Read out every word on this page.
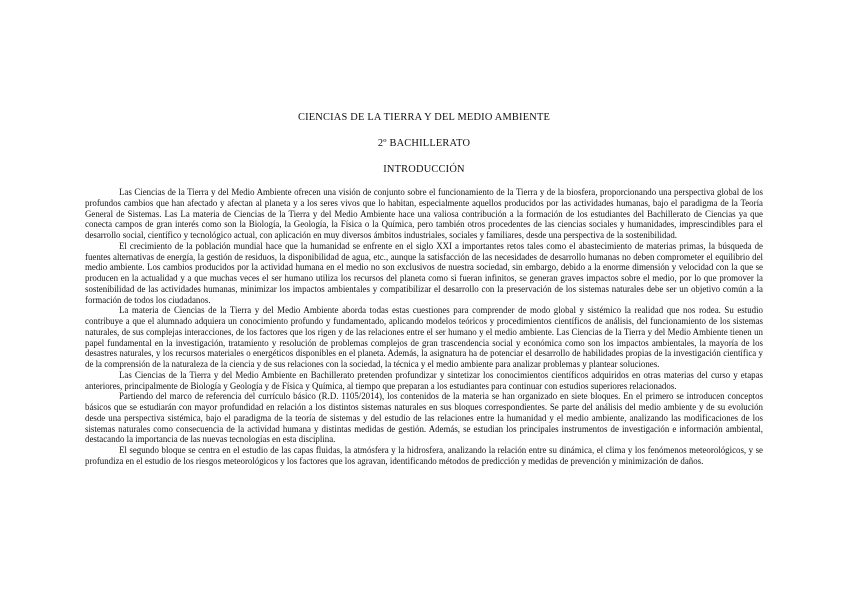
CIENCIAS DE LA TIERRA Y DEL MEDIO AMBIENTE

2º BACHILLERATO

INTRODUCCIÓN

Las Ciencias de la Tierra y del Medio Ambiente ofrecen una visión de conjunto sobre el funcionamiento de la Tierra y de la biosfera, proporcionando una perspectiva global de los profundos cambios que han afectado y afectan al planeta y a los seres vivos que lo habitan, especialmente aquellos producidos por las actividades humanas, bajo el paradigma de la Teoría General de Sistemas. Las La materia de Ciencias de la Tierra y del Medio Ambiente hace una valiosa contribución a la formación de los estudiantes del Bachillerato de Ciencias ya que conecta campos de gran interés como son la Biología, la Geología, la Física o la Química, pero también otros procedentes de las ciencias sociales y humanidades, imprescindibles para el desarrollo social, científico y tecnológico actual, con aplicación en muy diversos ámbitos industriales, sociales y familiares, desde una perspectiva de la sostenibilidad.

El crecimiento de la población mundial hace que la humanidad se enfrente en el siglo XXI a importantes retos tales como el abastecimiento de materias primas, la búsqueda de fuentes alternativas de energía, la gestión de residuos, la disponibilidad de agua, etc., aunque la satisfacción de las necesidades de desarrollo humanas no deben comprometer el equilibrio del medio ambiente. Los cambios producidos por la actividad humana en el medio no son exclusivos de nuestra sociedad, sin embargo, debido a la enorme dimensión y velocidad con la que se producen en la actualidad y a que muchas veces el ser humano utiliza los recursos del planeta como si fueran infinitos, se generan graves impactos sobre el medio, por lo que promover la sostenibilidad de las actividades humanas, minimizar los impactos ambientales y compatibilizar el desarrollo con la preservación de los sistemas naturales debe ser un objetivo común a la formación de todos los ciudadanos.

La materia de Ciencias de la Tierra y del Medio Ambiente aborda todas estas cuestiones para comprender de modo global y sistémico la realidad que nos rodea. Su estudio contribuye a que el alumnado adquiera un conocimiento profundo y fundamentado, aplicando modelos teóricos y procedimientos científicos de análisis, del funcionamiento de los sistemas naturales, de sus complejas interacciones, de los factores que los rigen y de las relaciones entre el ser humano y el medio ambiente. Las Ciencias de la Tierra y del Medio Ambiente tienen un papel fundamental en la investigación, tratamiento y resolución de problemas complejos de gran trascendencia social y económica como son los impactos ambientales, la mayoría de los desastres naturales, y los recursos materiales o energéticos disponibles en el planeta. Además, la asignatura ha de potenciar el desarrollo de habilidades propias de la investigación científica y de la comprensión de la naturaleza de la ciencia y de sus relaciones con la sociedad, la técnica y el medio ambiente para analizar problemas y plantear soluciones.

Las Ciencias de la Tierra y del Medio Ambiente en Bachillerato pretenden profundizar y sintetizar los conocimientos científicos adquiridos en otras materias del curso y etapas anteriores, principalmente de Biología y Geología y de Física y Química, al tiempo que preparan a los estudiantes para continuar con estudios superiores relacionados.

Partiendo del marco de referencia del currículo básico (R.D. 1105/2014), los contenidos de la materia se han organizado en siete bloques. En el primero se introducen conceptos básicos que se estudiarán con mayor profundidad en relación a los distintos sistemas naturales en sus bloques correspondientes. Se parte del análisis del medio ambiente y de su evolución desde una perspectiva sistémica, bajo el paradigma de la teoría de sistemas y del estudio de las relaciones entre la humanidad y el medio ambiente, analizando las modificaciones de los sistemas naturales como consecuencia de la actividad humana y distintas medidas de gestión. Además, se estudian los principales instrumentos de investigación e información ambiental, destacando la importancia de las nuevas tecnologías en esta disciplina.

El segundo bloque se centra en el estudio de las capas fluidas, la atmósfera y la hidrosfera, analizando la relación entre su dinámica, el clima y los fenómenos meteorológicos, y se profundiza en el estudio de los riesgos meteorológicos y los factores que los agravan, identificando métodos de predicción y medidas de prevención y minimización de daños.
